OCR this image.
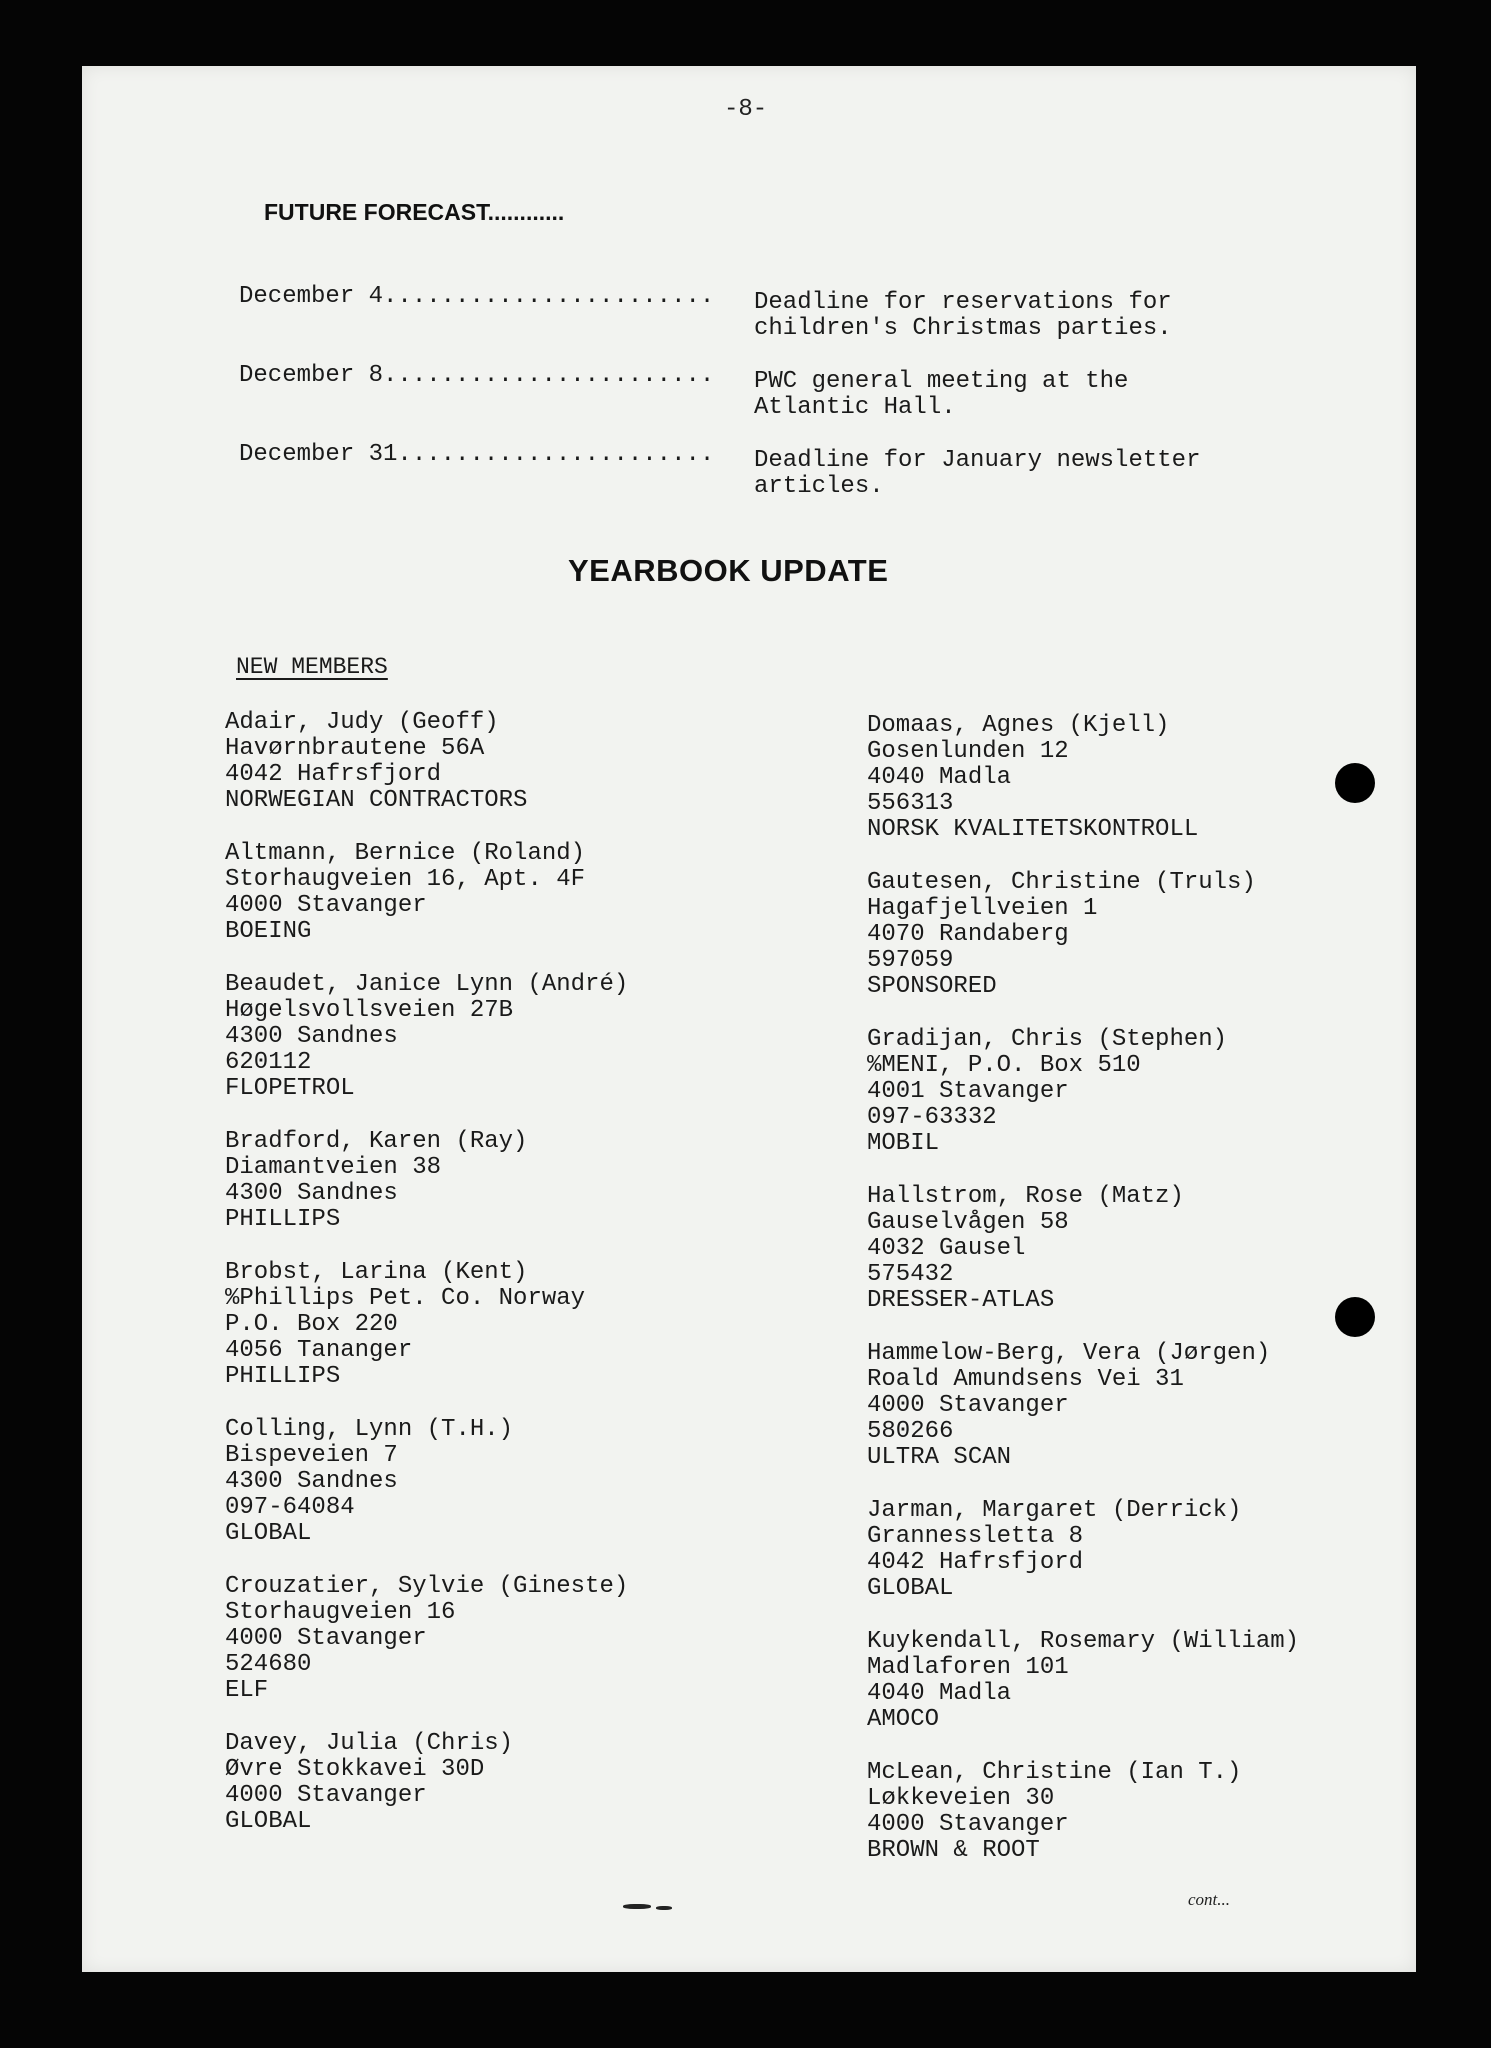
-8-
FUTURE FORECAST............
December 4....................... Deadline for reservations for
children's Christmas parties.
December 8....................... PWC general meeting at the
Atlantic Hall.
December 31...................... Deadline for January newsletter
articles.
YEARBOOK UPDATE
NEW MEMBERS
Adair, Judy (Geoff)
Havørnbrautene 56A
4042 Hafrsfjord
NORWEGIAN CONTRACTORS
Altmann, Bernice (Roland)
Storhaugveien 16, Apt. 4F
4000 Stavanger
BOEING
Beaudet, Janice Lynn (André)
Høgelsvollsveien 27B
4300 Sandnes
620112
FLOPETROL
Bradford, Karen (Ray)
Diamantveien 38
4300 Sandnes
PHILLIPS
Brobst, Larina (Kent)
%Phillips Pet. Co. Norway
P.O. Box 220
4056 Tananger
PHILLIPS
Colling, Lynn (T.H.)
Bispeveien 7
4300 Sandnes
097-64084
GLOBAL
Crouzatier, Sylvie (Gineste)
Storhaugveien 16
4000 Stavanger
524680
ELF
Davey, Julia (Chris)
Øvre Stokkavei 30D
4000 Stavanger
GLOBAL
Domaas, Agnes (Kjell)
Gosenlunden 12
4040 Madla
556313
NORSK KVALITETSKONTROLL
Gautesen, Christine (Truls)
Hagafjellveien 1
4070 Randaberg
597059
SPONSORED
Gradijan, Chris (Stephen)
%MENI, P.O. Box 510
4001 Stavanger
097-63332
MOBIL
Hallstrom, Rose (Matz)
Gauselvågen 58
4032 Gausel
575432
DRESSER-ATLAS
Hammelow-Berg, Vera (Jørgen)
Roald Amundsens Vei 31
4000 Stavanger
580266
ULTRA SCAN
Jarman, Margaret (Derrick)
Grannessletta 8
4042 Hafrsfjord
GLOBAL
Kuykendall, Rosemary (William)
Madlaforen 101
4040 Madla
AMOCO
McLean, Christine (Ian T.)
Løkkeveien 30
4000 Stavanger
BROWN & ROOT
cont...
